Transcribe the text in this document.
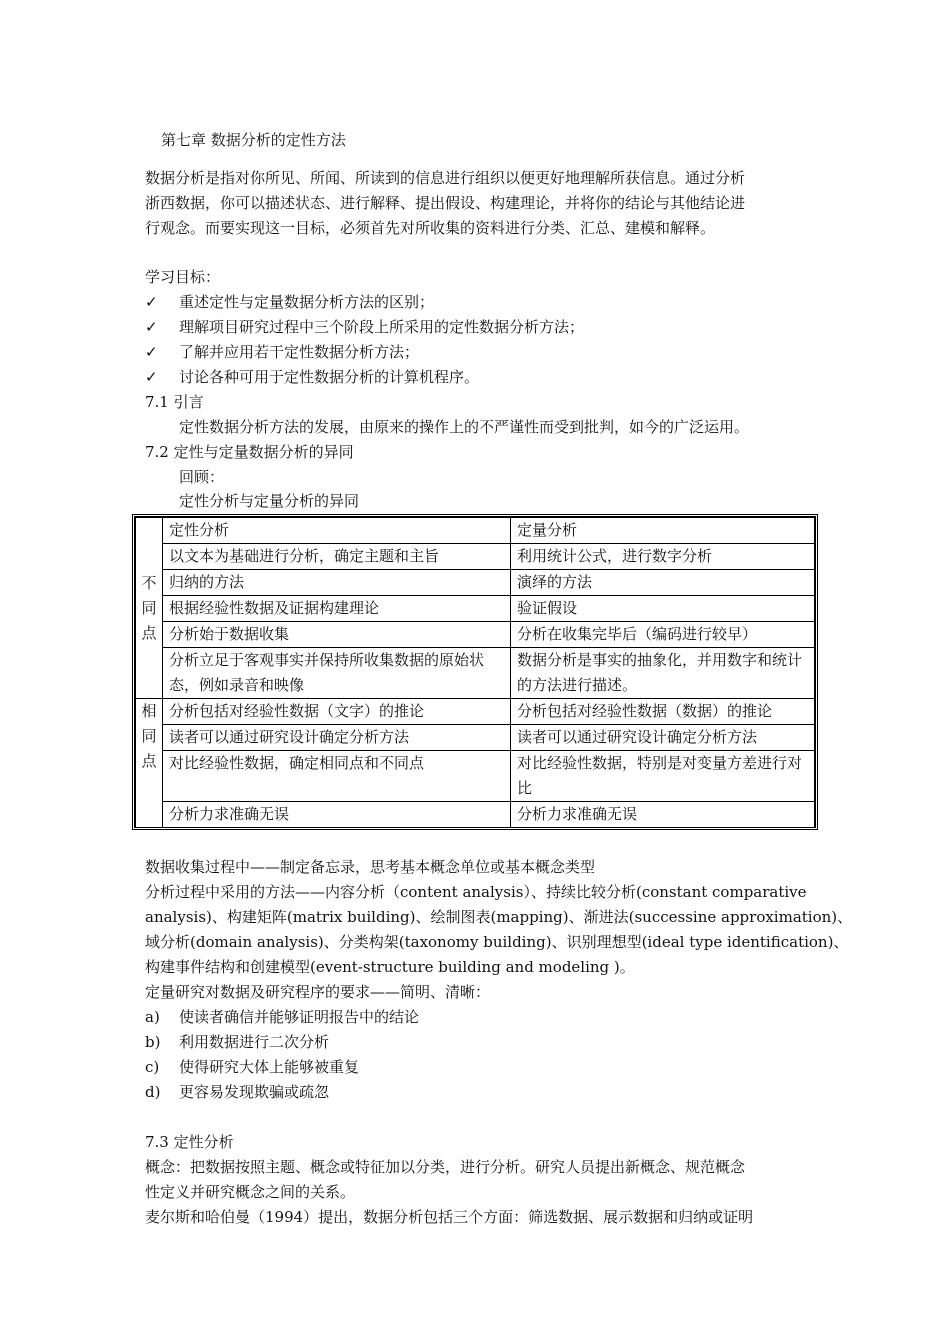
第七章 数据分析的定性方法
数据分析是指对你所见、所闻、所读到的信息进行组织以便更好地理解所获信息。通过分析
浙西数据，你可以描述状态、进行解释、提出假设、构建理论，并将你的结论与其他结论进
行观念。而要实现这一目标，必须首先对所收集的资料进行分类、汇总、建模和解释。
学习目标：
✓ 重述定性与定量数据分析方法的区别；
✓ 理解项目研究过程中三个阶段上所采用的定性数据分析方法；
✓ 了解并应用若干定性数据分析方法；
✓ 讨论各种可用于定性数据分析的计算机程序。
7.1 引言
定性数据分析方法的发展，由原来的操作上的不严谨性而受到批判，如今的广泛运用。
7.2 定性与定量数据分析的异同
回顾：
定性分析与定量分析的异同
不
同
点	定性分析	定量分析
	以文本为基础进行分析，确定主题和主旨	利用统计公式，进行数字分析
	归纳的方法	演绎的方法
	根据经验性数据及证据构建理论	验证假设
	分析始于数据收集	分析在收集完毕后（编码进行较早）
	分析立足于客观事实并保持所收集数据的原始状态，例如录音和映像	数据分析是事实的抽象化，并用数字和统计的方法进行描述。
相
同
点	分析包括对经验性数据（文字）的推论	分析包括对经验性数据（数据）的推论
	读者可以通过研究设计确定分析方法	读者可以通过研究设计确定分析方法
	对比经验性数据，确定相同点和不同点	对比经验性数据，特别是对变量方差进行对比
	分析力求准确无误	分析力求准确无误
数据收集过程中——制定备忘录，思考基本概念单位或基本概念类型
分析过程中采用的方法——内容分析（content analysis）、持续比较分析(constant comparative
analysis)、构建矩阵(matrix building)、绘制图表(mapping)、渐进法(successine approximation)、
域分析(domain analysis)、分类构架(taxonomy building)、识别理想型(ideal type identification)、
构建事件结构和创建模型(event-structure building and modeling )。
定量研究对数据及研究程序的要求——简明、清晰：
a) 使读者确信并能够证明报告中的结论
b) 利用数据进行二次分析
c) 使得研究大体上能够被重复
d) 更容易发现欺骗或疏忽
7.3 定性分析
概念：把数据按照主题、概念或特征加以分类，进行分析。研究人员提出新概念、规范概念
性定义并研究概念之间的关系。
麦尔斯和哈伯曼（1994）提出，数据分析包括三个方面：筛选数据、展示数据和归纳或证明
